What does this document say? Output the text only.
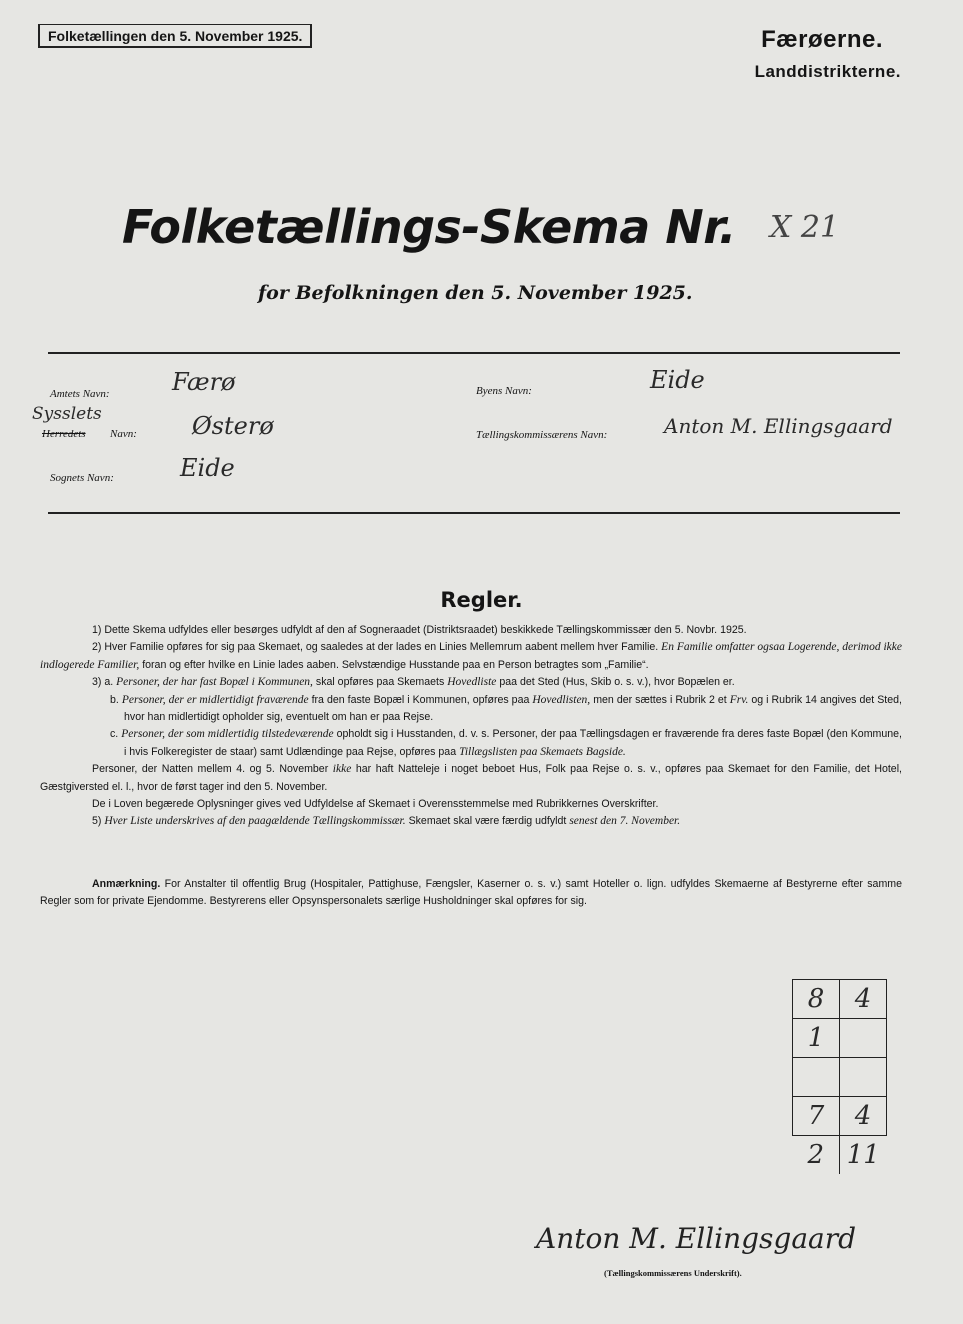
Folketællingen den 5. November 1925.	Færøerne.
Landdistrikterne.
Folketællings-Skema Nr. X 21
for Befolkningen den 5. November 1925.
Amtets Navn:	Færø
Sysslets
Herredets Navn: Østerø
Sognets Navn:	Eide
Byens Navn:	Eide
Tællingskommissærens Navn:	Anton M. Ellingsgaard
Regler.

1) Dette Skema udfyldes eller besørges udfyldt af den af Sogneraadet (Distriktsraadet) beskikkede Tællingskommissær den 5. Novbr. 1925.

2) Hver Familie opføres for sig paa Skemaet, og saaledes at der lades en Linies Mellemrum aabent mellem hver Familie. En Familie omfatter ogsaa Logerende, derimod ikke indlogerede Familier, foran og efter hvilke en Linie lades aaben. Selvstændige Husstande paa en Person betragtes som „Familie“.

3) a. Personer, der har fast Bopæl i Kommunen, skal opføres paa Skemaets Hovedliste paa det Sted (Hus, Skib o. s. v.), hvor Bopælen er.

b. Personer, der er midlertidigt fraværende fra den faste Bopæl i Kommunen, opføres paa Hovedlisten, men der sættes i Rubrik 2 et Frv. og i Rubrik 14 angives det Sted, hvor han midlertidigt opholder sig, eventuelt om han er paa Rejse.

c. Personer, der som midlertidig tilstedeværende opholdt sig i Husstanden, d. v. s. Personer, der paa Tællingsdagen er fraværende fra deres faste Bopæl (den Kommune, i hvis Folkeregister de staar) samt Udlændinge paa Rejse, opføres paa Tillægslisten paa Skemaets Bagside.

Personer, der Natten mellem 4. og 5. November ikke har haft Natteleje i noget beboet Hus, Folk paa Rejse o. s. v., opføres paa Skemaet for den Familie, det Hotel, Gæstgiversted el. l., hvor de først tager ind den 5. November.

De i Loven begærede Oplysninger gives ved Udfyldelse af Skemaet i Overensstemmelse med Rubrikkernes Overskrifter.

5) Hver Liste underskrives af den paagældende Tællingskommissær. Skemaet skal være færdig udfyldt senest den 7. November.

Anmærkning. For Anstalter til offentlig Brug (Hospitaler, Pattighuse, Fængsler, Kaserner o. s. v.) samt Hoteller o. lign. udfyldes Skemaerne af Bestyrerne efter samme Regler som for private Ejendomme. Bestyrerens eller Opsynspersonalets særlige Husholdninger skal opføres for sig.

8	4
1	

7	4
2	11
Anton M. Ellingsgaard
(Tællingskommissærens Underskrift).
